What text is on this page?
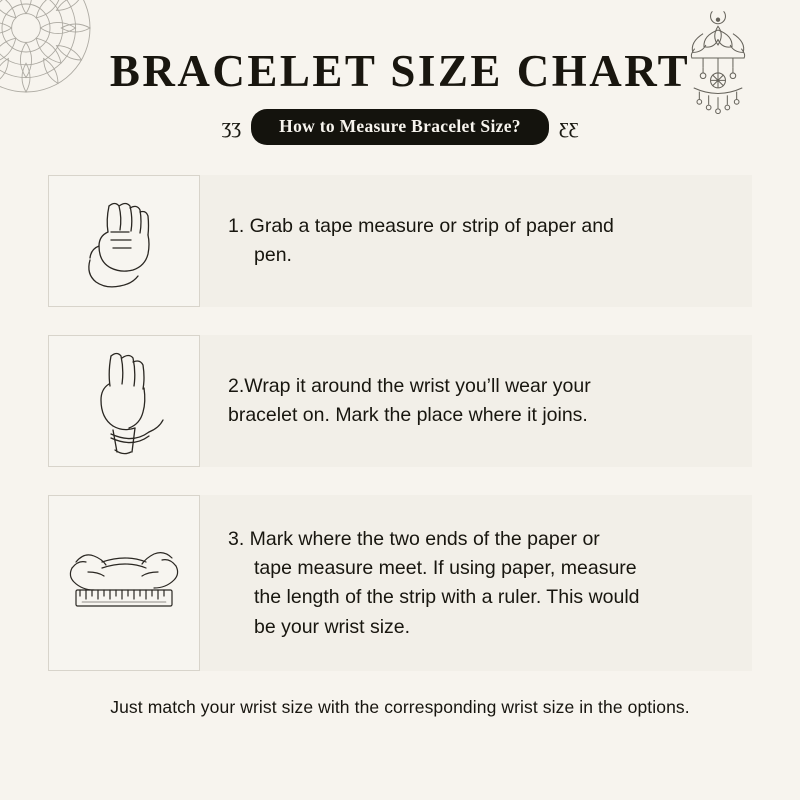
BRACELET SIZE CHART
ʒʒ	How to Measure Bracelet Size?	ʒʒ

1. Grab a tape measure or strip of paper and
pen.

2.Wrap it around the wrist you’ll wear your
bracelet on. Mark the place where it joins.

3. Mark where the two ends of the paper or
tape measure meet. If using paper, measure
the length of the strip with a ruler. This would
be your wrist size.

Just match your wrist size with the corresponding wrist size in the options.
